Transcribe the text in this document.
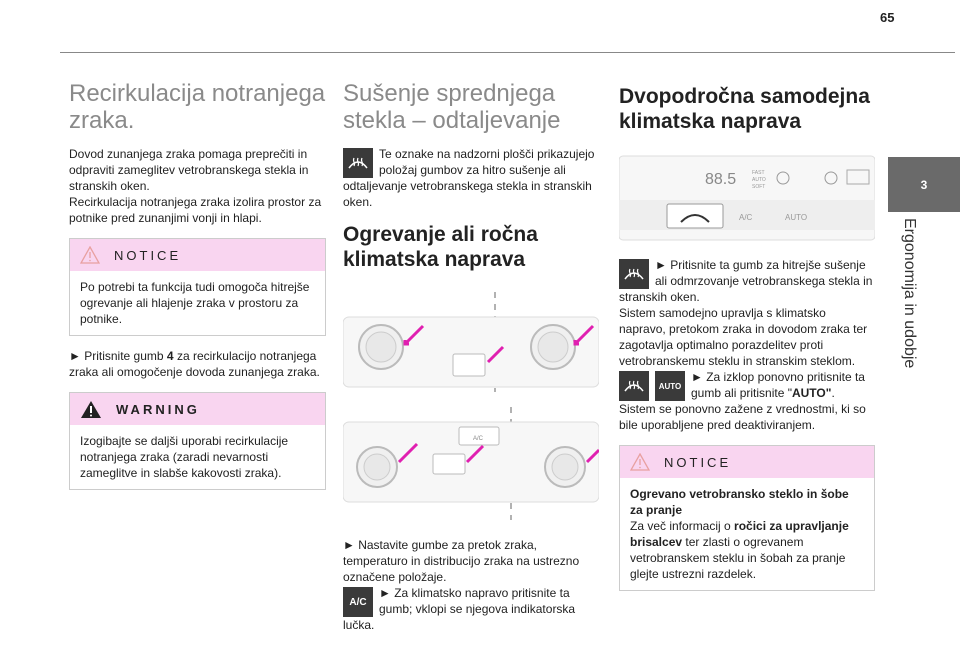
65
3
Ergonomija in udobje
Recirkulacija notranjega zraka.

Dovod zunanjega zraka pomaga preprečiti in odpraviti zameglitev vetrobranskega stekla in stranskih oken.

Recirkulacija notranjega zraka izolira prostor za potnike pred zunanjimi vonji in hlapi.

NOTICE
Po potrebi ta funkcija tudi omogoča hitrejše ogrevanje ali hlajenje zraka v prostoru za potnike.

► Pritisnite gumb 4 za recirkulacijo notranjega zraka ali omogočenje dovoda zunanjega zraka.

WARNING
Izogibajte se daljši uporabi recirkulacije notranjega zraka (zaradi nevarnosti zameglitve in slabše kakovosti zraka).
Sušenje sprednjega stekla – odtaljevanje

Te oznake na nadzorni plošči prikazujejo položaj gumbov za hitro sušenje ali odtaljevanje vetrobranskega stekla in stranskih oken.

Ogrevanje ali ročna klimatska naprava
A/C

► Nastavite gumbe za pretok zraka, temperaturo in distribucijo zraka na ustrezno označene položaje.

A/C

► Za klimatsko napravo pritisnite ta gumb; vklopi se njegova indikatorska lučka.

Dvopodročna samodejna klimatska naprava
88.5	FAST
AUTO
SOFT
A/C	AUTO

► Pritisnite ta gumb za hitrejše sušenje ali odmrzovanje vetrobranskega stekla in stranskih oken.

Sistem samodejno upravlja s klimatsko napravo, pretokom zraka in dovodom zraka ter zagotavlja optimalno porazdelitev proti vetrobranskemu steklu in stranskim steklom.

AUTO

► Za izklop ponovno pritisnite ta gumb ali pritisnite "AUTO".

Sistem se ponovno zažene z vrednostmi, ki so bile uporabljene pred deaktiviranjem.

NOTICE
Ogrevano vetrobransko steklo in šobe za pranje
Za več informacij o ročici za upravljanje brisalcev ter zlasti o ogrevanem vetrobranskem steklu in šobah za pranje glejte ustrezni razdelek.
